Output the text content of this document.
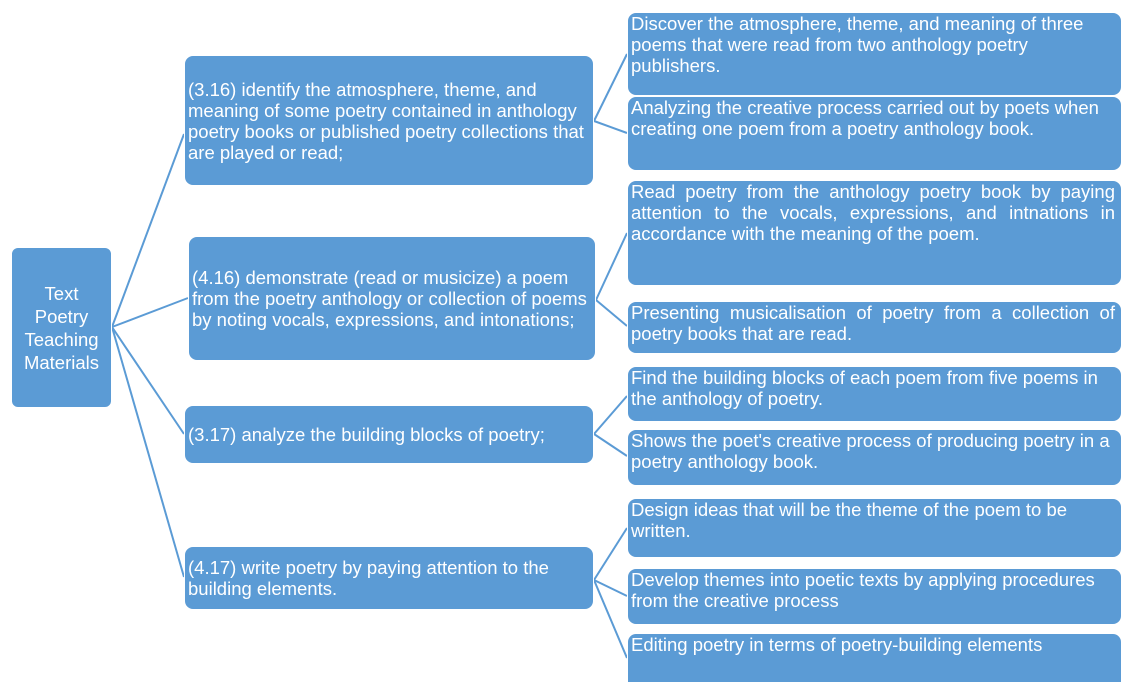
Text
Poetry
Teaching
Materials
(3.16) identify the atmosphere, theme, and meaning of some poetry contained in anthology poetry books or published poetry collections that are played or read;
(4.16) demonstrate (read or musicize) a poem from the poetry anthology or collection of poems by noting vocals, expressions, and intonations;
(3.17) analyze the building blocks of poetry;
(4.17) write poetry by paying attention to the building elements.
Discover the atmosphere, theme, and meaning of three poems that were read from two anthology poetry publishers.
Analyzing the creative process carried out by poets when creating one poem from a poetry anthology book.
Read poetry from the anthology poetry book by paying attention to the vocals, expressions, and intnations in accordance with the meaning of the poem.
Presenting musicalisation of poetry from a collection of poetry books that are read.
Find the building blocks of each poem from five poems in the anthology of poetry.
Shows the poet's creative process of producing poetry in a poetry anthology book.
Design ideas that will be the theme of the poem to be written.
Develop themes into poetic texts by applying procedures from the creative process
Editing poetry in terms of poetry-building elements
